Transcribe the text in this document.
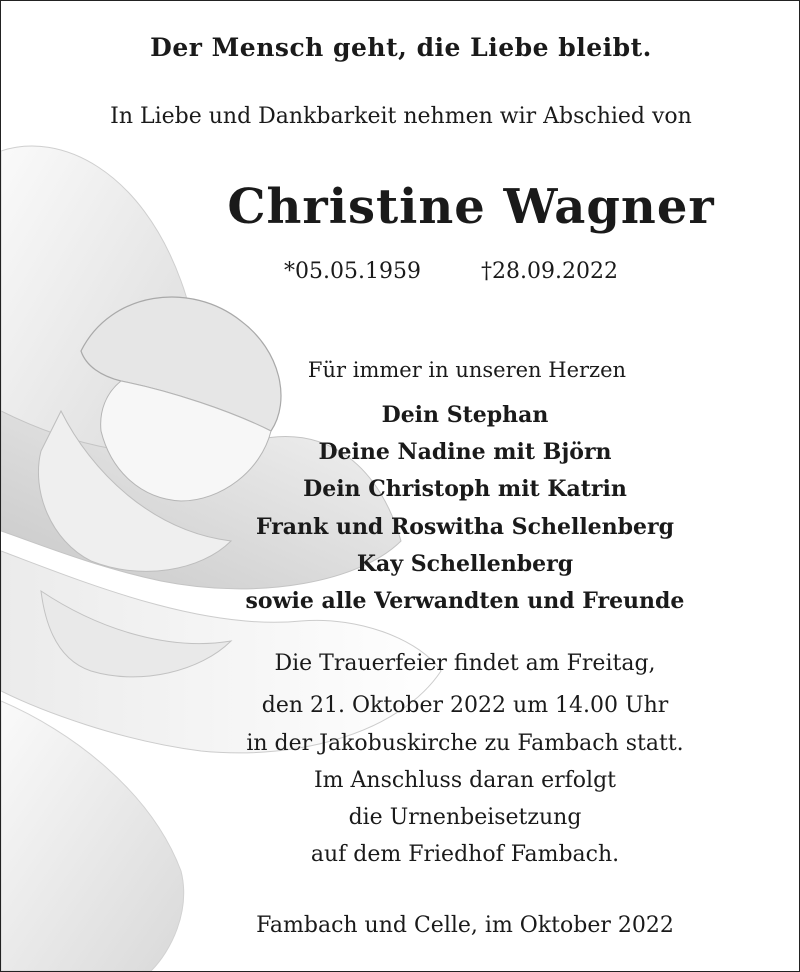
Der Mensch geht, die Liebe bleibt.
In Liebe und Dankbarkeit nehmen wir Abschied von
Christine Wagner
*05.05.1959	†28.09.2022
Für immer in unseren Herzen
Dein Stephan
Deine Nadine mit Björn
Dein Christoph mit Katrin
Frank und Roswitha Schellenberg
Kay Schellenberg
sowie alle Verwandten und Freunde
Die Trauerfeier findet am Freitag,
den 21. Oktober 2022 um 14.00 Uhr
in der Jakobuskirche zu Fambach statt.
Im Anschluss daran erfolgt
die Urnenbeisetzung
auf dem Friedhof Fambach.
Fambach und Celle, im Oktober 2022
